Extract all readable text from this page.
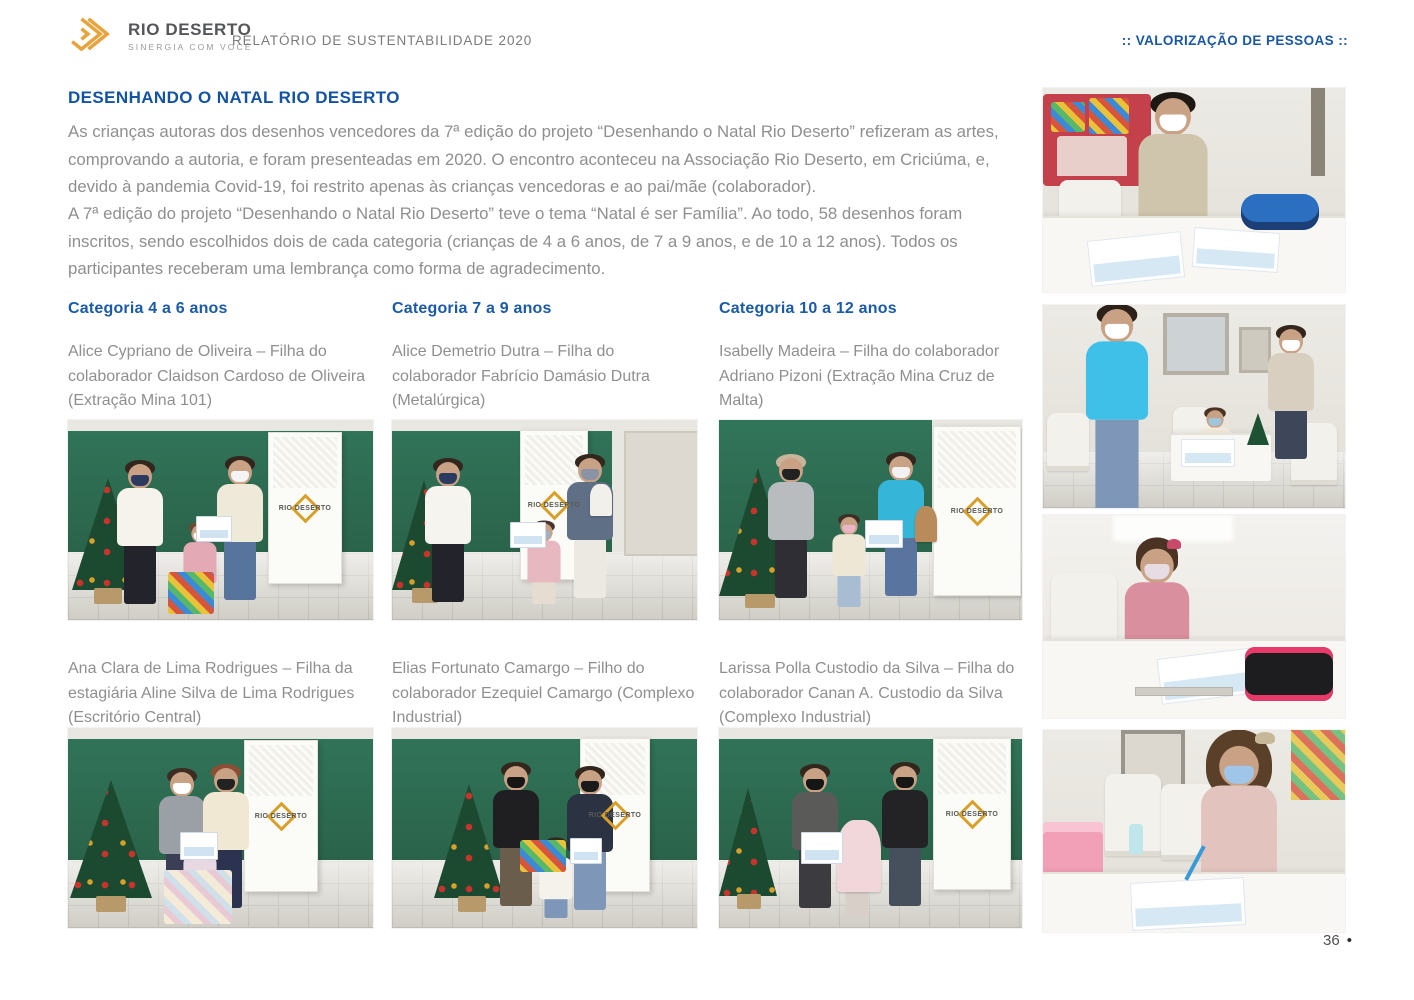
RIO DESERTO
SINERGIA COM VOCÊ
RELATÓRIO DE SUSTENTABILIDADE 2020	:: VALORIZAÇÃO DE PESSOAS ::
DESENHANDO O NATAL RIO DESERTO

As crianças autoras dos desenhos vencedores da 7ª edição do projeto “Desenhando o Natal Rio Deserto” refizeram as artes, comprovando a autoria, e foram presenteadas em 2020. O encontro aconteceu na Associação Rio Deserto, em Criciúma, e, devido à pandemia Covid-19, foi restrito apenas às crianças vencedoras e ao pai/mãe (colaborador).

A 7ª edição do projeto “Desenhando o Natal Rio Deserto” teve o tema “Natal é ser Família”. Ao todo, 58 desenhos foram inscritos, sendo escolhidos dois de cada categoria (crianças de 4 a 6 anos, de 7 a 9 anos, e de 10 a 12 anos). Todos os participantes receberam uma lembrança como forma de agradecimento.

Categoria 4 a 6 anos

Alice Cypriano de Oliveira – Filha do colaborador Claidson Cardoso de Oliveira (Extração Mina 101)

RIO DESERTO

Ana Clara de Lima Rodrigues – Filha da estagiária Aline Silva de Lima Rodrigues (Escritório Central)

RIO DESERTO
Categoria 7 a 9 anos

Alice Demetrio Dutra – Filha do colaborador Fabrício Damásio Dutra (Metalúrgica)

RIO DESERTO

Elias Fortunato Camargo – Filho do colaborador Ezequiel Camargo (Complexo Industrial)

RIO DESERTO
Categoria 10 a 12 anos

Isabelly Madeira – Filha do colaborador Adriano Pizoni (Extração Mina Cruz de Malta)

RIO DESERTO

Larissa Polla Custodio da Silva – Filha do colaborador Canan A. Custodio da Silva (Complexo Industrial)

RIO DESERTO
36 •
